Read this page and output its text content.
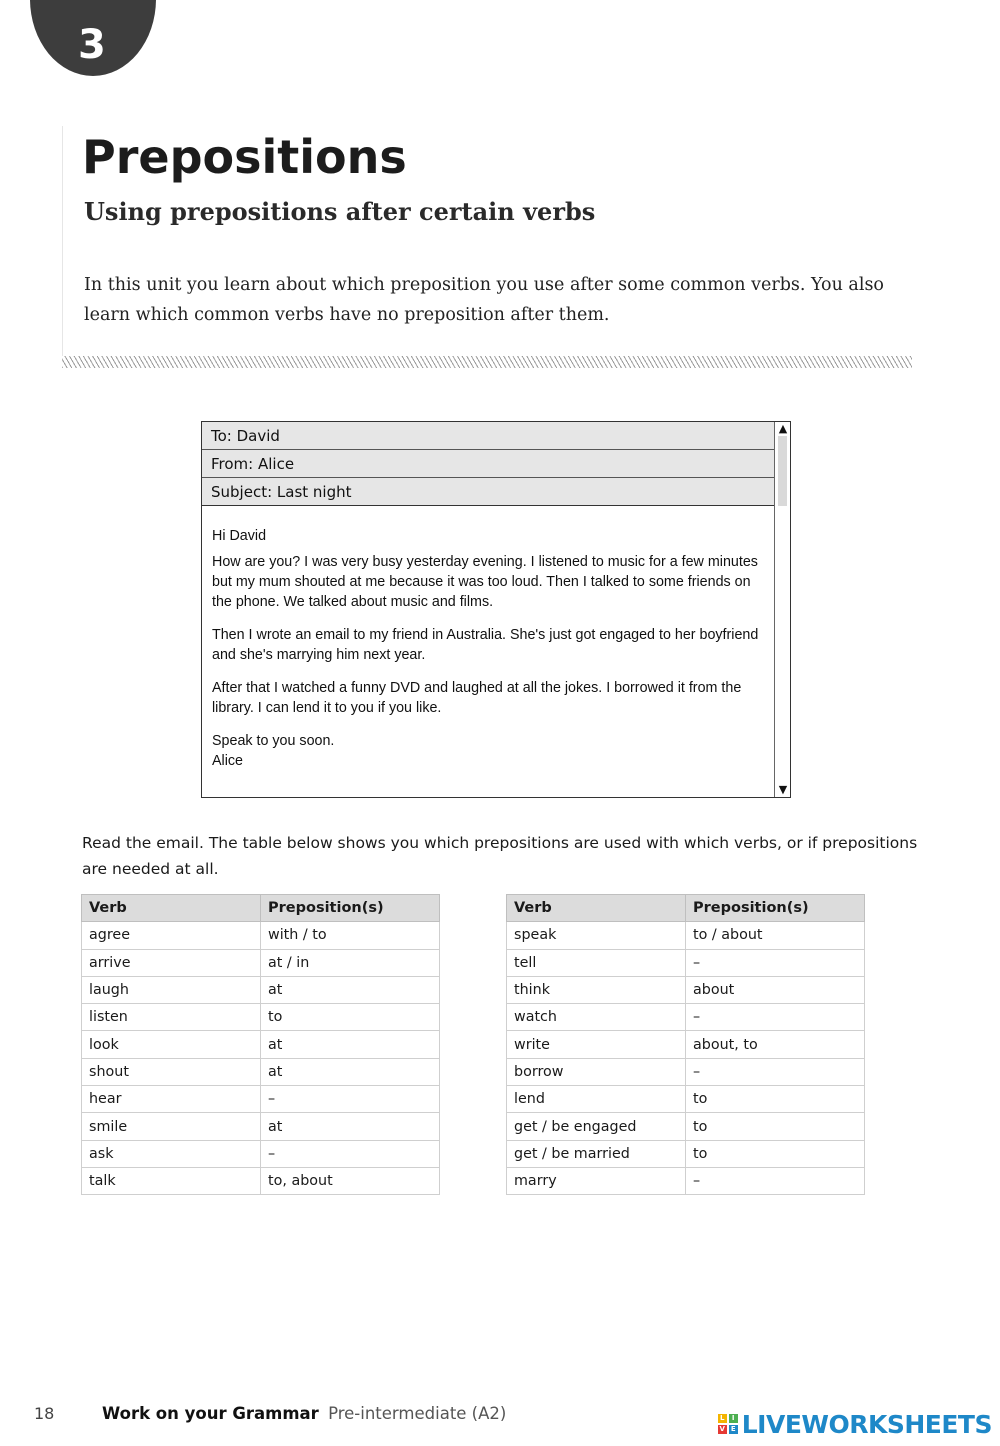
3
Prepositions
Using prepositions after certain verbs

In this unit you learn about which preposition you use after some common verbs. You also learn which common verbs have no preposition after them.

To: David
From: Alice
Subject: Last night
▲
▼

Hi David

How are you? I was very busy yesterday evening. I listened to music for a few minutes but my mum shouted at me because it was too loud. Then I talked to some friends on the phone. We talked about music and films.

Then I wrote an email to my friend in Australia. She's just got engaged to her boyfriend and she's marrying him next year.

After that I watched a funny DVD and laughed at all the jokes. I borrowed it from the library. I can lend it to you if you like.

Speak to you soon.

Alice

Read the email. The table below shows you which prepositions are used with which verbs, or if prepositions are needed at all.

Verb	Preposition(s)
agree	with / to
arrive	at / in
laugh	at
listen	to
look	at
shout	at
hear	–
smile	at
ask	–
talk	to, about
Verb	Preposition(s)
speak	to / about
tell	–
think	about
watch	–
write	about, to
borrow	–
lend	to
get / be engaged	to
get / be married	to
marry	–
18	Work on your Grammar Pre-intermediate (A2)	L	I
V E LIVEWORKSHEETS
